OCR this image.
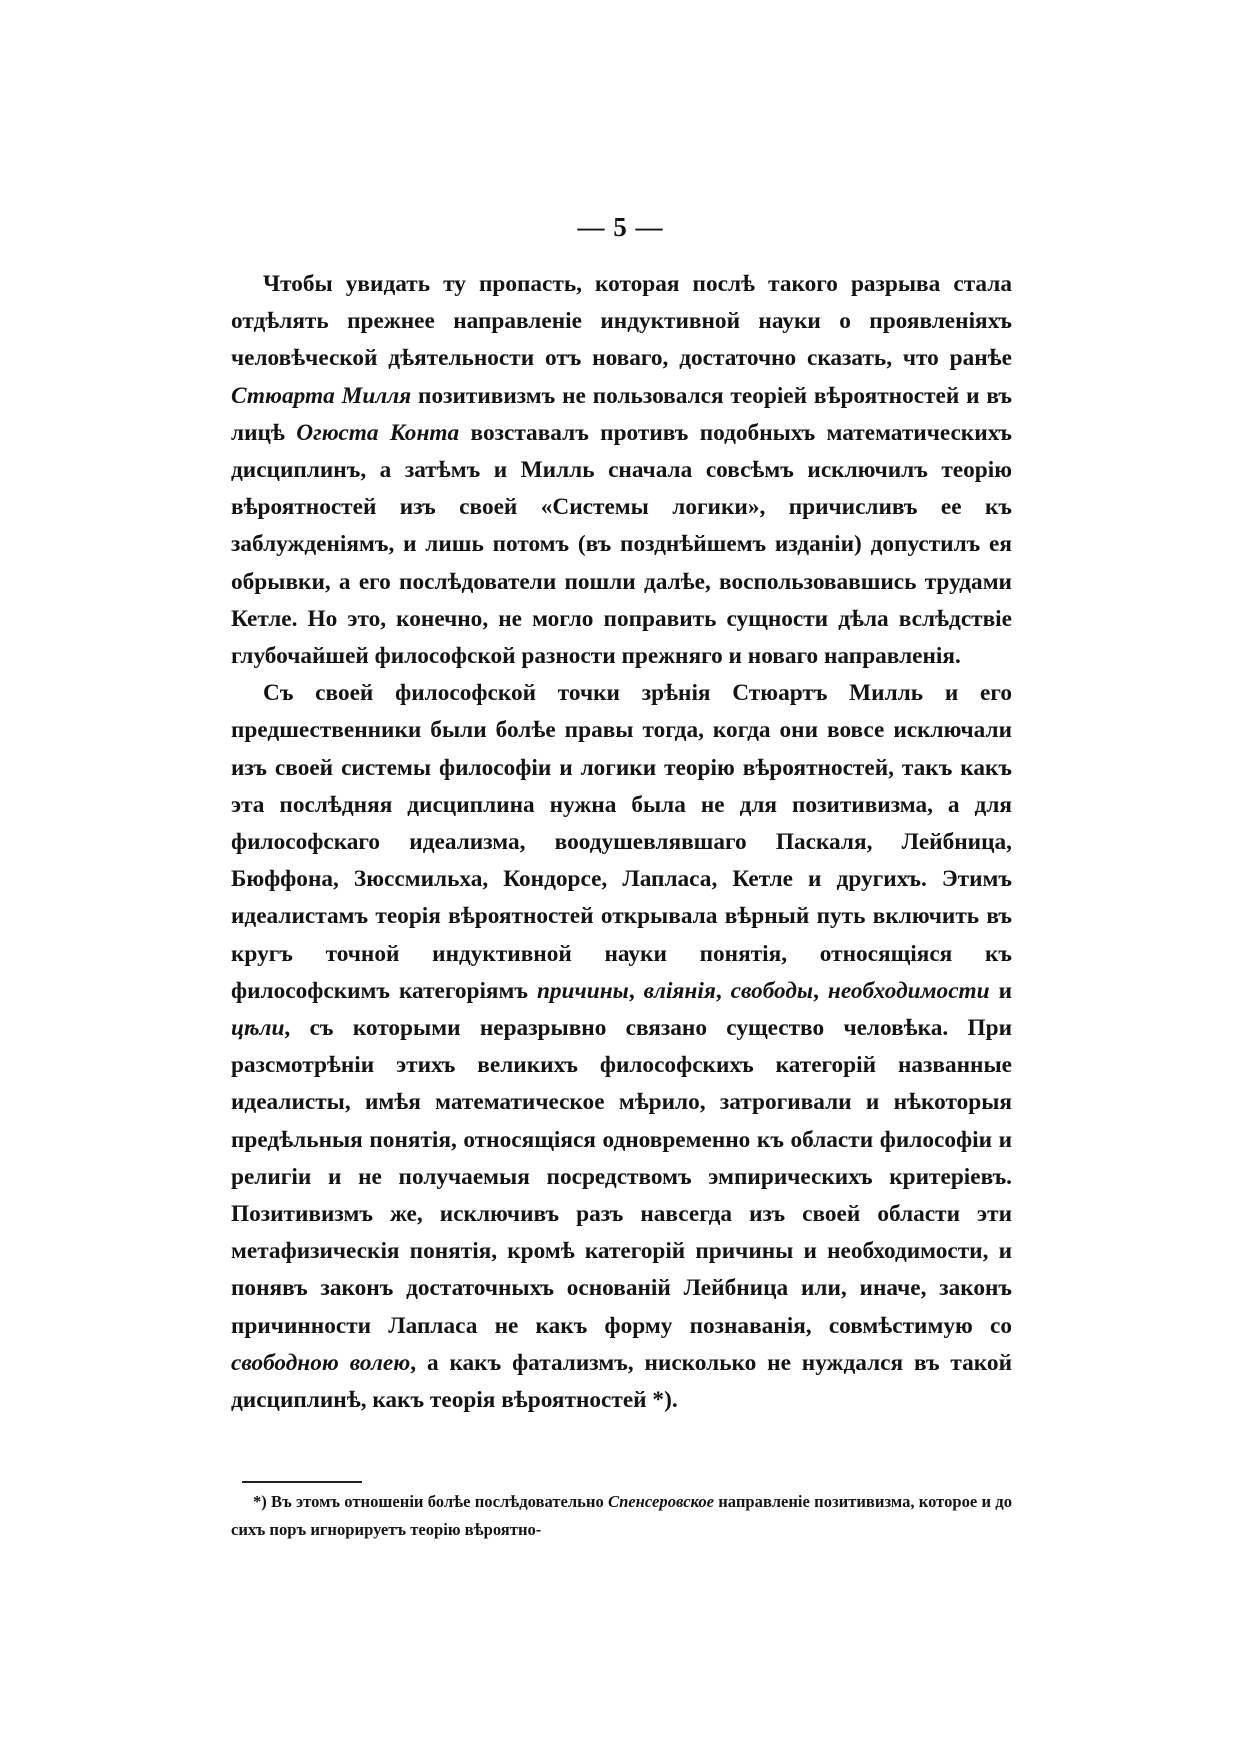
— 5 —

Чтобы увидать ту пропасть, которая послѣ такого разрыва стала отдѣлять прежнее направленіе индуктивной науки о проявленіяхъ человѣческой дѣятельности отъ новаго, достаточно сказать, что ранѣе Стюарта Милля позитивизмъ не пользовался теоріей вѣроятностей и въ лицѣ Огюста Конта возставалъ противъ подобныхъ математическихъ дисциплинъ, а затѣмъ и Милль сначала совсѣмъ исключилъ теорію вѣроятностей изъ своей «Системы логики», причисливъ ее къ заблужденіямъ, и лишь потомъ (въ позднѣйшемъ изданіи) допустилъ ея обрывки, а его послѣдователи пошли далѣе, воспользовавшись трудами Кетле. Но это, конечно, не могло поправить сущности дѣла вслѣдствіе глубочайшей философской разности прежняго и новаго направленія.

Съ своей философской точки зрѣнія Стюартъ Милль и его предшественники были болѣе правы тогда, когда они вовсе исключали изъ своей системы философіи и логики теорію вѣроятностей, такъ какъ эта послѣдняя дисциплина нужна была не для позитивизма, а для философскаго идеализма, воодушевлявшаго Паскаля, Лейбница, Бюффона, Зюссмильха, Кондорсе, Лапласа, Кетле и другихъ. Этимъ идеалистамъ теорія вѣроятностей открывала вѣрный путь включить въ кругъ точной индуктивной науки понятія, относящіяся къ философскимъ категоріямъ причины, вліянія, свободы, необходимости и цѣли, съ которыми неразрывно связано существо человѣка. При разсмотрѣніи этихъ великихъ философскихъ категорій названные идеалисты, имѣя математическое мѣрило, затрогивали и нѣкоторыя предѣльныя понятія, относящіяся одновременно къ области философіи и религіи и не получаемыя посредствомъ эмпирическихъ критеріевъ. Позитивизмъ же, исключивъ разъ навсегда изъ своей области эти метафизическія понятія, кромѣ категорій причины и необходимости, и понявъ законъ достаточныхъ основаній Лейбница или, иначе, законъ причинности Лапласа не какъ форму познаванія, совмѣстимую со свободною волею, а какъ фатализмъ, нисколько не нуждался въ такой дисциплинѣ, какъ теорія вѣроятностей *).

*) Въ этомъ отношеніи болѣе послѣдовательно Спенсеровское направленіе позитивизма, которое и до сихъ поръ игнорируетъ теорію вѣроятно-
